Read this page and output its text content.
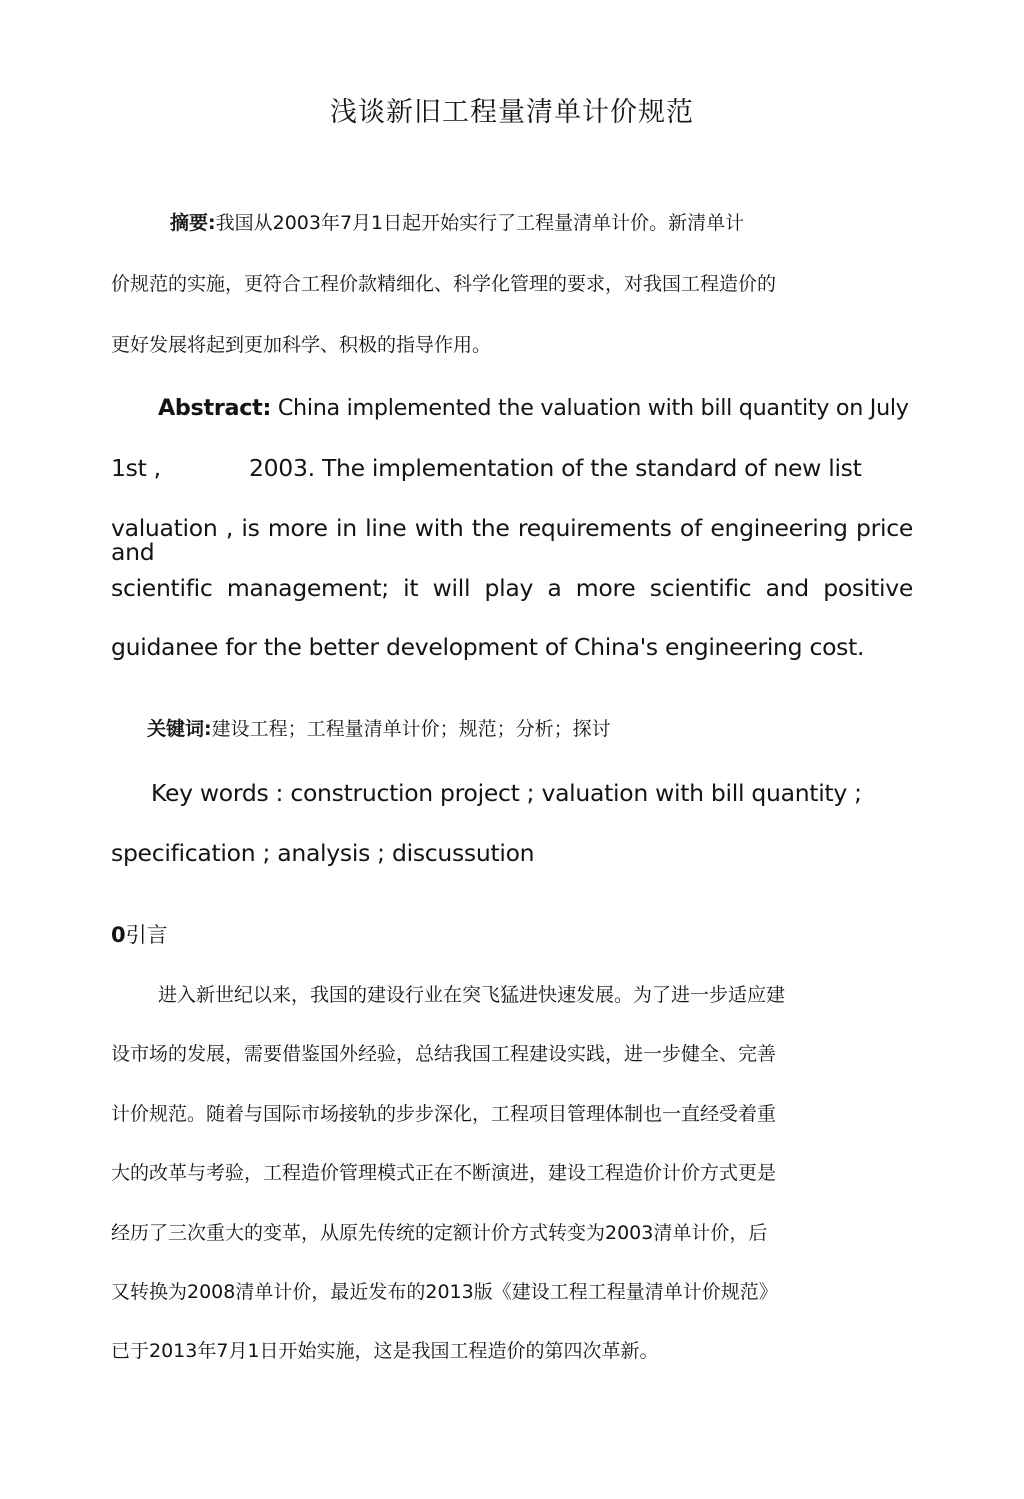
浅谈新旧工程量清单计价规范
摘要:我国从2003年7月1日起开始实行了工程量清单计价。新清单计
价规范的实施，更符合工程价款精细化、科学化管理的要求，对我国工程造价的
更好发展将起到更加科学、积极的指导作用。
Abstract: China implemented the valuation with bill quantity on July
1st ,	2003. The implementation of the standard of new list
valuation , is more in line with the requirements of engineering price and
scientific management; it will play a more scientific and positive
guidanee for the better development of China's engineering cost.
关键词:建设工程；工程量清单计价；规范；分析；探讨
Key words : construction project ; valuation with bill quantity ;
specification ; analysis ; discussution
0引言
进入新世纪以来，我国的建设行业在突飞猛进快速发展。为了进一步适应建
设市场的发展，需要借鉴国外经验，总结我国工程建设实践，进一步健全、完善
计价规范。随着与国际市场接轨的步步深化，工程项目管理体制也一直经受着重
大的改革与考验，工程造价管理模式正在不断演进，建设工程造价计价方式更是
经历了三次重大的变革，从原先传统的定额计价方式转变为2003清单计价，后
又转换为2008清单计价，最近发布的2013版《建设工程工程量清单计价规范》
已于2013年7月1日开始实施，这是我国工程造价的第四次革新。
